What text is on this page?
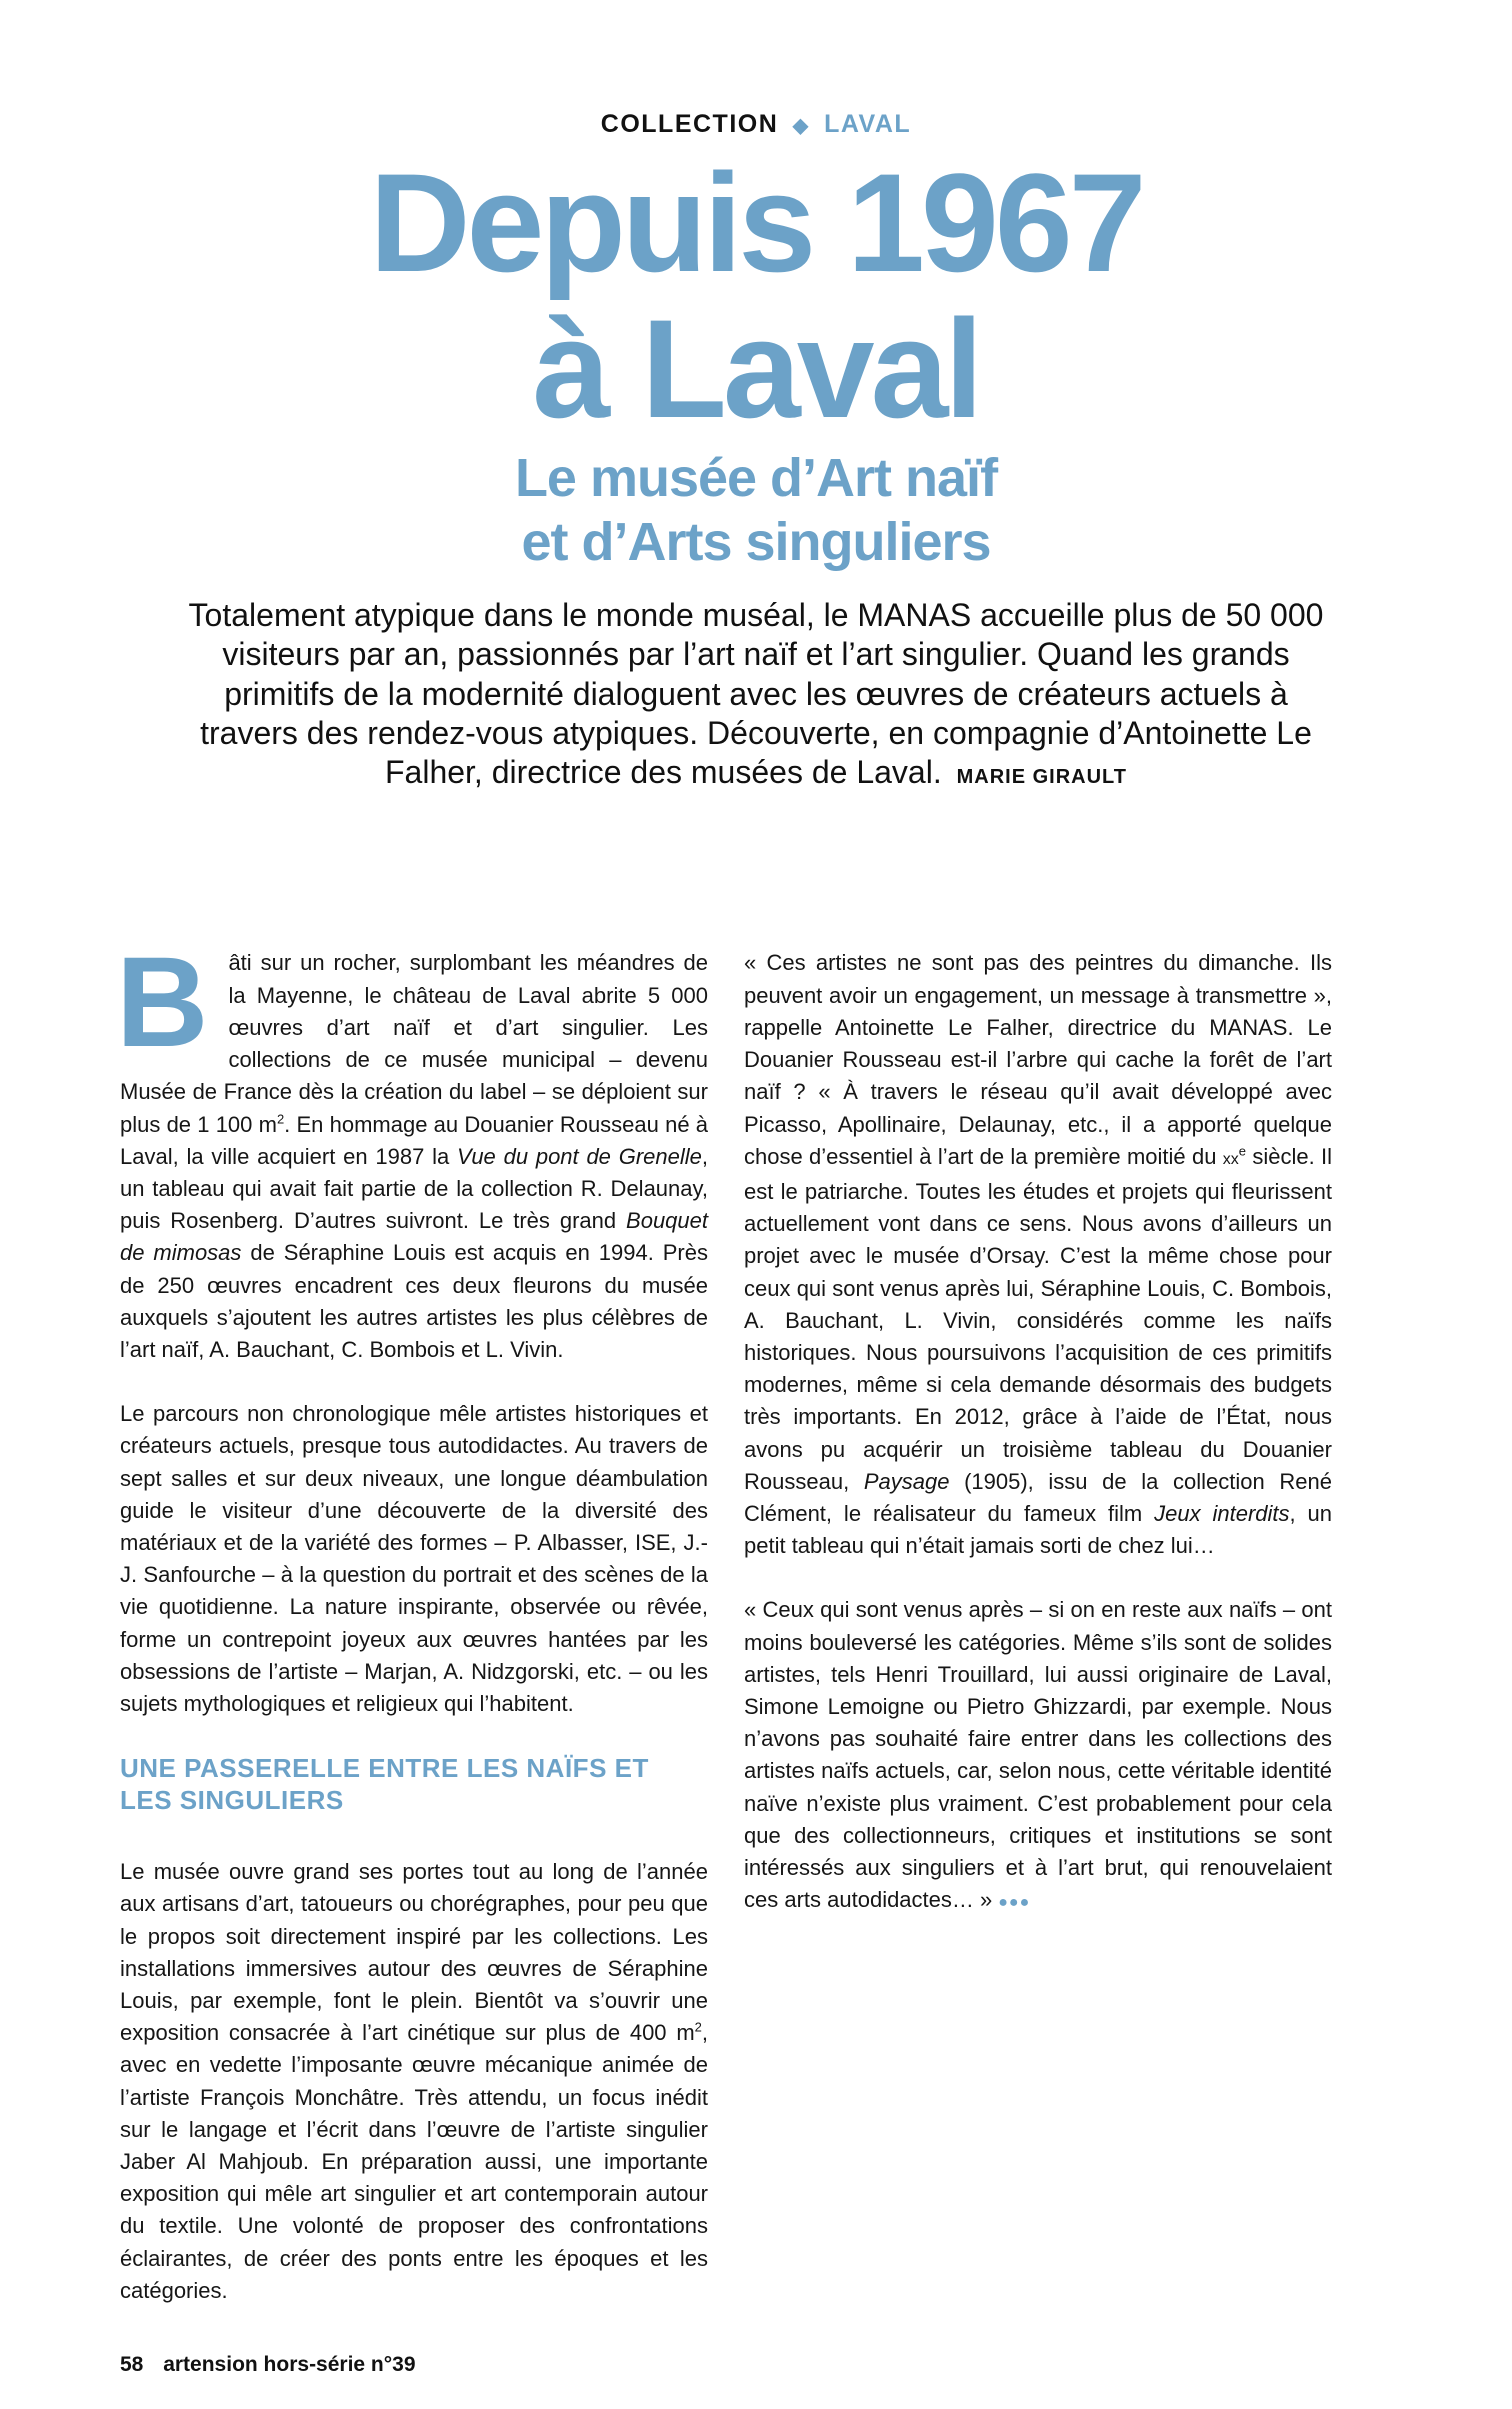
COLLECTION ◆ LAVAL
Depuis 1967
à Laval
Le musée d’Art naïf
et d’Arts singuliers
Totalement atypique dans le monde muséal, le MANAS accueille plus de 50 000 visiteurs par an, passionnés par l’art naïf et l’art singulier. Quand les grands primitifs de la modernité dialoguent avec les œuvres de créateurs actuels à travers des rendez-vous atypiques. Découverte, en compagnie d’Antoinette Le Falher, directrice des musées de Laval. MARIE GIRAULT

Bâti sur un rocher, surplombant les méandres de la Mayenne, le château de Laval abrite 5 000 œuvres d’art naïf et d’art singulier. Les collections de ce musée municipal – devenu Musée de France dès la création du label – se déploient sur plus de 1 100 $m^2$. En hommage au Douanier Rousseau né à Laval, la ville acquiert en 1987 la Vue du pont de Grenelle, un tableau qui avait fait partie de la collection R. Delaunay, puis Rosenberg. D’autres suivront. Le très grand Bouquet de mimosas de Séraphine Louis est acquis en 1994. Près de 250 œuvres encadrent ces deux fleurons du musée auxquels s’ajoutent les autres artistes les plus célèbres de l’art naïf, A. Bauchant, C. Bombois et L. Vivin.

Le parcours non chronologique mêle artistes historiques et créateurs actuels, presque tous autodidactes. Au travers de sept salles et sur deux niveaux, une longue déambulation guide le visiteur d’une découverte de la diversité des matériaux et de la variété des formes – P. Albasser, ISE, J.-J. Sanfourche – à la question du portrait et des scènes de la vie quotidienne. La nature inspirante, observée ou rêvée, forme un contrepoint joyeux aux œuvres hantées par les obsessions de l’artiste – Marjan, A. Nidzgorski, etc. – ou les sujets mythologiques et religieux qui l’habitent.

UNE PASSERELLE ENTRE LES NAÏFS ET LES SINGULIERS

Le musée ouvre grand ses portes tout au long de l’année aux artisans d’art, tatoueurs ou chorégraphes, pour peu que le propos soit directement inspiré par les collections. Les installations immersives autour des œuvres de Séraphine Louis, par exemple, font le plein. Bientôt va s’ouvrir une exposition consacrée à l’art cinétique sur plus de 400 $m^2$, avec en vedette l’imposante œuvre mécanique animée de l’artiste François Monchâtre. Très attendu, un focus inédit sur le langage et l’écrit dans l’œuvre de l’artiste singulier Jaber Al Mahjoub. En préparation aussi, une importante exposition qui mêle art singulier et art contemporain autour du textile. Une volonté de proposer des confrontations éclairantes, de créer des ponts entre les époques et les catégories.

« Ces artistes ne sont pas des peintres du dimanche. Ils peuvent avoir un engagement, un message à transmettre », rappelle Antoinette Le Falher, directrice du MANAS. Le Douanier Rousseau est-il l’arbre qui cache la forêt de l’art naïf ? « À travers le réseau qu’il avait développé avec Picasso, Apollinaire, Delaunay, etc., il a apporté quelque chose d’essentiel à l’art de la première moitié du $xx^e$ siècle. Il est le patriarche. Toutes les études et projets qui fleurissent actuellement vont dans ce sens. Nous avons d’ailleurs un projet avec le musée d’Orsay. C’est la même chose pour ceux qui sont venus après lui, Séraphine Louis, C. Bombois, A. Bauchant, L. Vivin, considérés comme les naïfs historiques. Nous poursuivons l’acquisition de ces primitifs modernes, même si cela demande désormais des budgets très importants. En 2012, grâce à l’aide de l’État, nous avons pu acquérir un troisième tableau du Douanier Rousseau, Paysage (1905), issu de la collection René Clément, le réalisateur du fameux film Jeux interdits, un petit tableau qui n’était jamais sorti de chez lui…

« Ceux qui sont venus après – si on en reste aux naïfs – ont moins bouleversé les catégories. Même s’ils sont de solides artistes, tels Henri Trouillard, lui aussi originaire de Laval, Simone Lemoigne ou Pietro Ghizzardi, par exemple. Nous n’avons pas souhaité faire entrer dans les collections des artistes naïfs actuels, car, selon nous, cette véritable identité naïve n’existe plus vraiment. C’est probablement pour cela que des collectionneurs, critiques et institutions se sont intéressés aux singuliers et à l’art brut, qui renouvelaient ces arts autodidactes… » ●●●

58 artension hors-série n°39
